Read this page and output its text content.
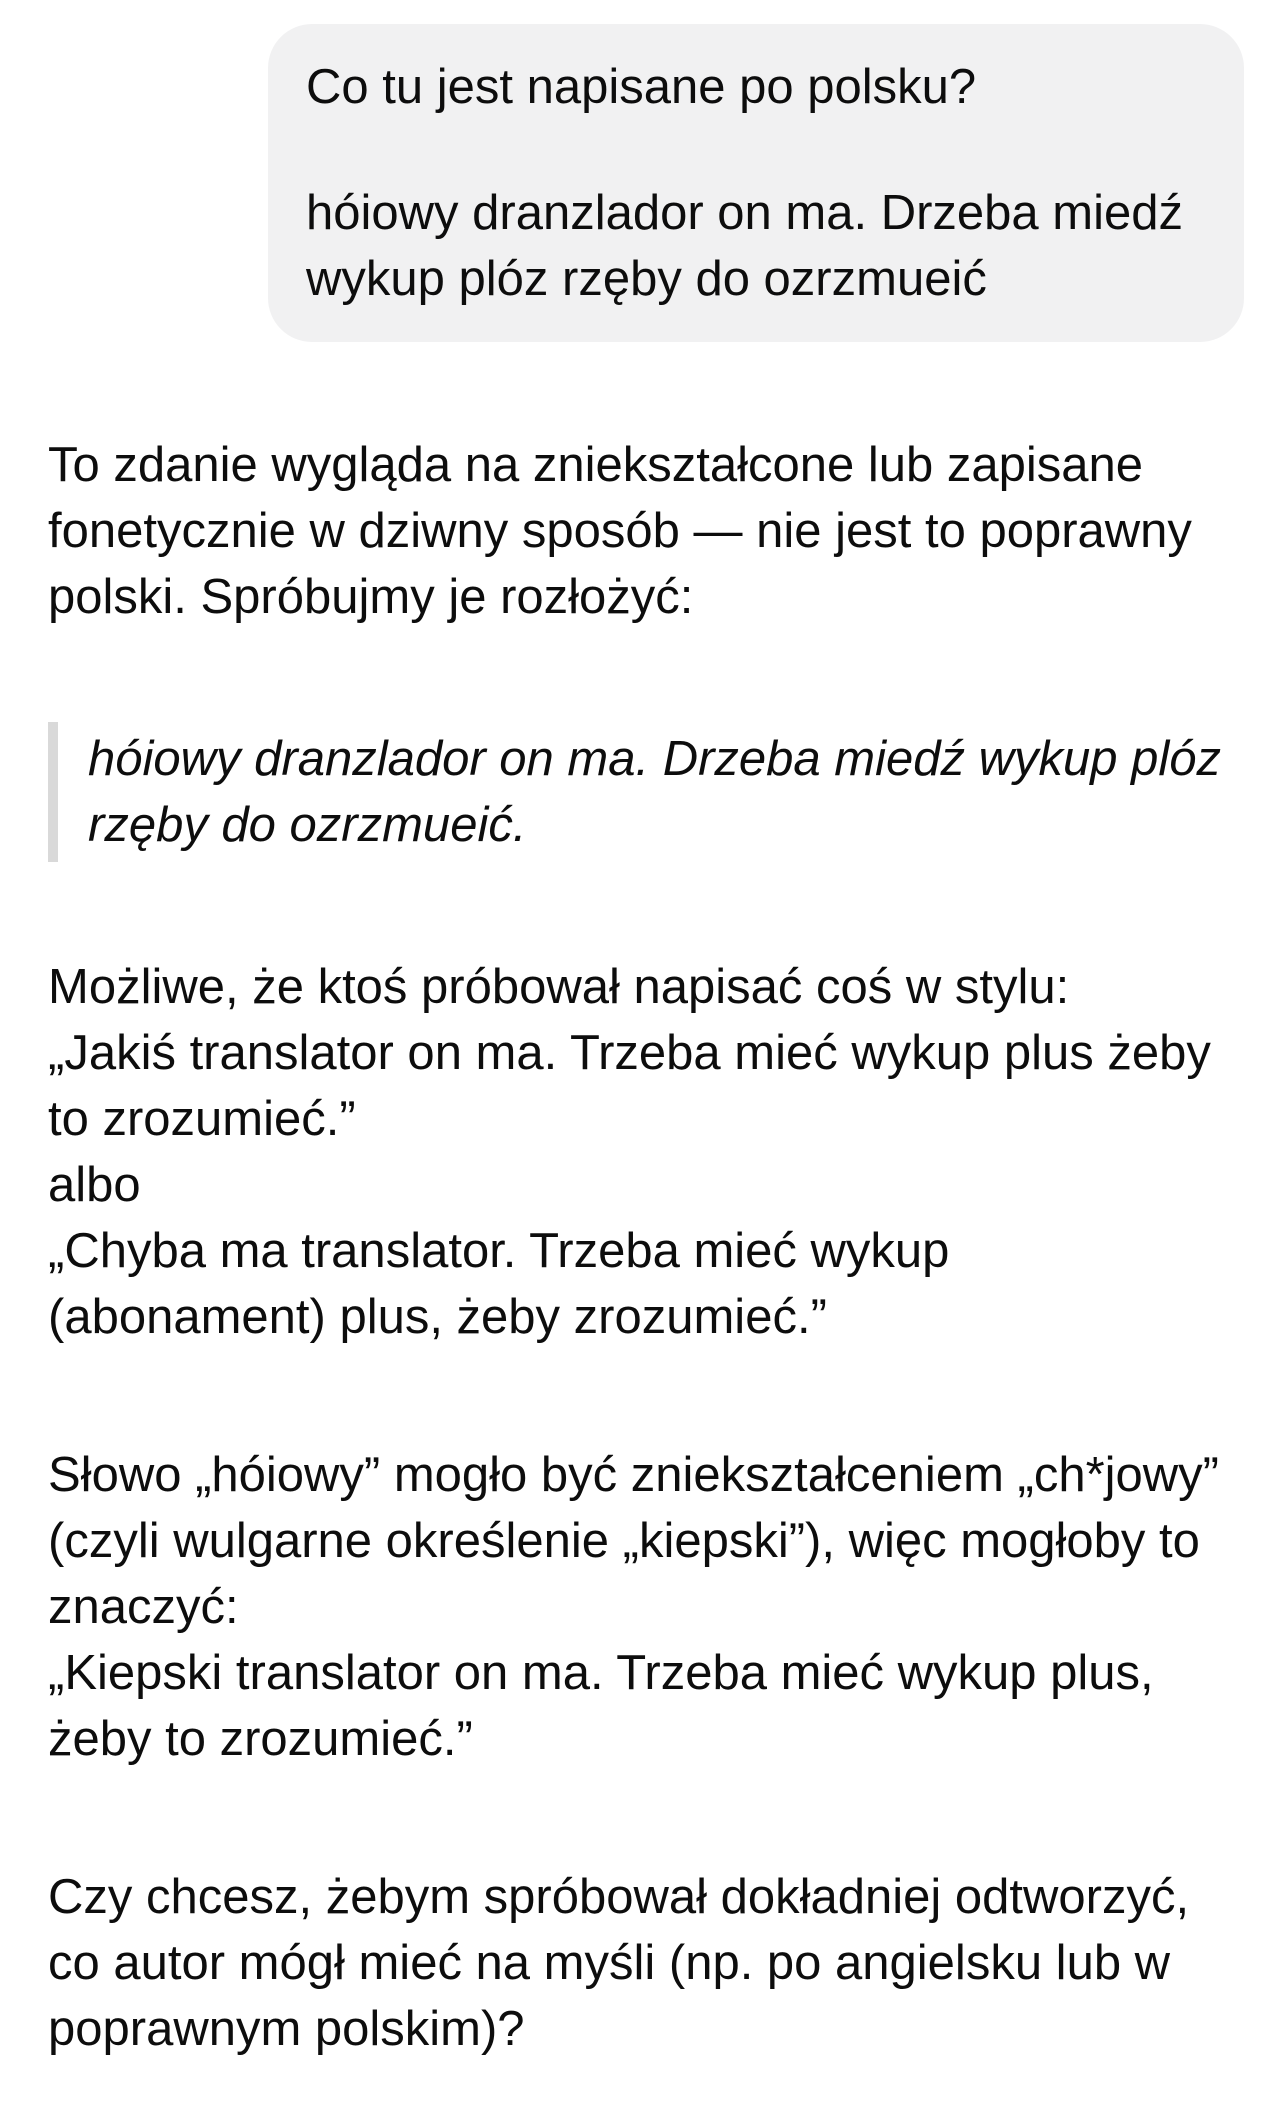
Co tu jest napisane po polsku?

hóiowy dranzlador on ma. Drzeba miedź wykup plóz rzęby do ozrzmueić

To zdanie wygląda na zniekształcone lub zapisane fonetycznie w dziwny sposób — nie jest to poprawny polski. Spróbujmy je rozłożyć:

hóiowy dranzlador on ma. Drzeba miedź wykup plóz rzęby do ozrzmueić.

Możliwe, że ktoś próbował napisać coś w stylu:
„Jakiś translator on ma. Trzeba mieć wykup plus żeby to zrozumieć.”
albo
„Chyba ma translator. Trzeba mieć wykup (abonament) plus, żeby zrozumieć.”
Słowo „hóiowy” mogło być zniekształceniem „ch*jowy” (czyli wulgarne określenie „kiepski”), więc mogłoby to znaczyć:
„Kiepski translator on ma. Trzeba mieć wykup plus, żeby to zrozumieć.”

Czy chcesz, żebym spróbował dokładniej odtworzyć, co autor mógł mieć na myśli (np. po angielsku lub w poprawnym polskim)?
